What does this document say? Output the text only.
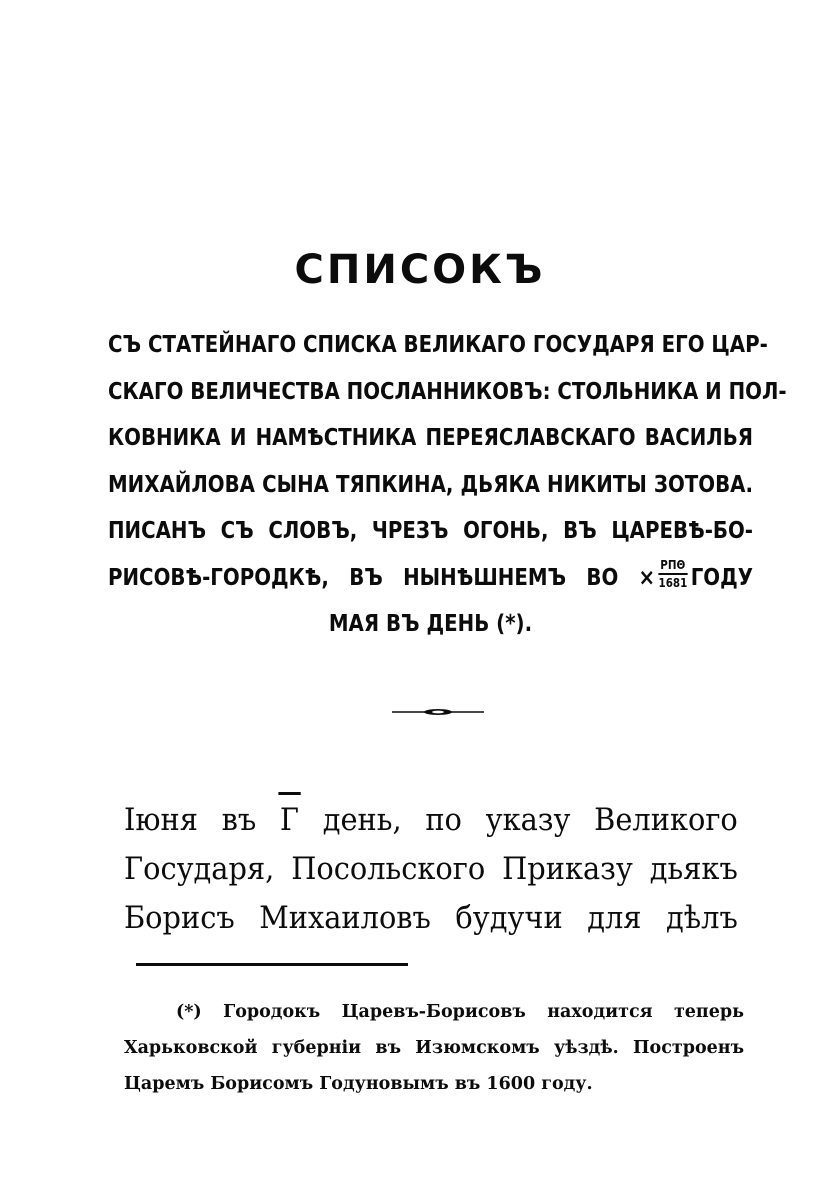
СПИСОКЪ
СЪ СТАТЕЙНАГО СПИСКА ВЕЛИКАГО ГОСУДАРЯ ЕГО ЦАР-
СКАГО ВЕЛИЧЕСТВА ПОСЛАННИКОВЪ: СТОЛЬНИКА И ПОЛ-
КОВНИКА И НАМѢСТНИКА ПЕРЕЯСЛАВСКАГО ВАСИЛЬЯ
МИХАЙЛОВА СЫНА ТЯПКИНА, ДЬЯКА НИКИТЫ ЗОТОВА.
ПИСАНЪ СЪ СЛОВЪ, ЧРЕЗЪ ОГОНЬ, ВЪ ЦАРЕВѢ-БО-
РИСОВѢ-ГОРОДКѢ, ВЪ НЫНѢШНЕМЪ ВО × $\frac{\text{РПΘ}}{1681}$ ГОДУ
МАЯ ВЪ ДЕНЬ (*).
Іюня въ Г день, по указу Великого
Государя, Посольского Приказу дьякъ
Борисъ Михаиловъ будучи для дѣлъ
(*) Городокъ Царевъ-Борисовъ находится теперь
Харьковской губерніи въ Изюмскомъ уѣздѣ. Построенъ
Царемъ Борисомъ Годуновымъ въ 1600 году.
